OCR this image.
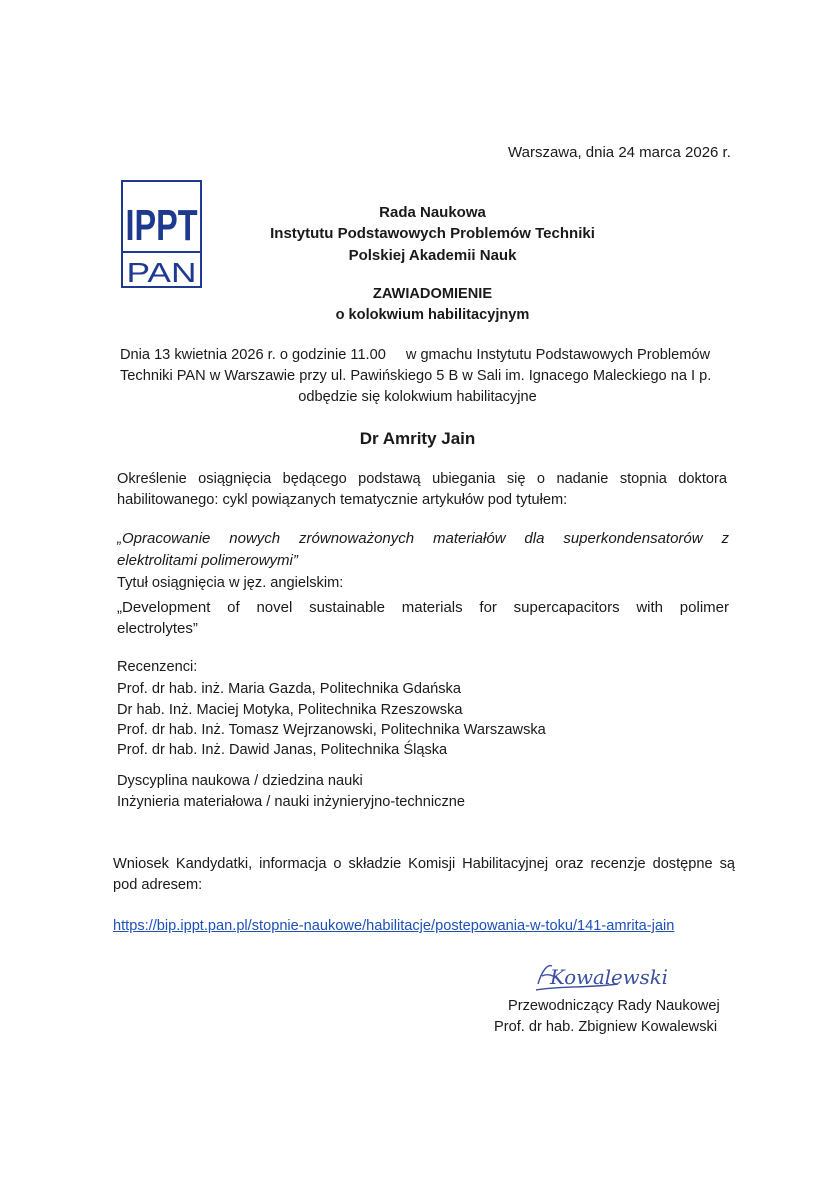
Warszawa, dnia 24 marca 2026 r.
IPPT
PAN
Rada Naukowa
Instytutu Podstawowych Problemów Techniki
Polskiej Akademii Nauk
ZAWIADOMIENIE
o kolokwium habilitacyjnym
Dnia 13 kwietnia 2026 r. o godzinie 11.00 w gmachu Instytutu Podstawowych Problemów
Techniki PAN w Warszawie przy ul. Pawińskiego 5 B w Sali im. Ignacego Maleckiego na I p.
odbędzie się kolokwium habilitacyjne
Dr Amrity Jain
Określenie osiągnięcia będącego podstawą ubiegania się o nadanie stopnia doktora
habilitowanego: cykl powiązanych tematycznie artykułów pod tytułem:
„Opracowanie nowych zrównoważonych materiałów dla superkondensatorów z
elektrolitami polimerowymi”
Tytuł osiągnięcia w jęz. angielskim:
„Development of novel sustainable materials for supercapacitors with polimer
electrolytes”
Recenzenci:
Prof. dr hab. inż. Maria Gazda, Politechnika Gdańska
Dr hab. Inż. Maciej Motyka, Politechnika Rzeszowska
Prof. dr hab. Inż. Tomasz Wejrzanowski, Politechnika Warszawska
Prof. dr hab. Inż. Dawid Janas, Politechnika Śląska
Dyscyplina naukowa / dziedzina nauki
Inżynieria materiałowa / nauki inżynieryjno-techniczne
Wniosek Kandydatki, informacja o składzie Komisji Habilitacyjnej oraz recenzje dostępne są
pod adresem:
https://bip.ippt.pan.pl/stopnie-naukowe/habilitacje/postepowania-w-toku/141-amrita-jain
Kowalewski
Przewodniczący Rady Naukowej
Prof. dr hab. Zbigniew Kowalewski
